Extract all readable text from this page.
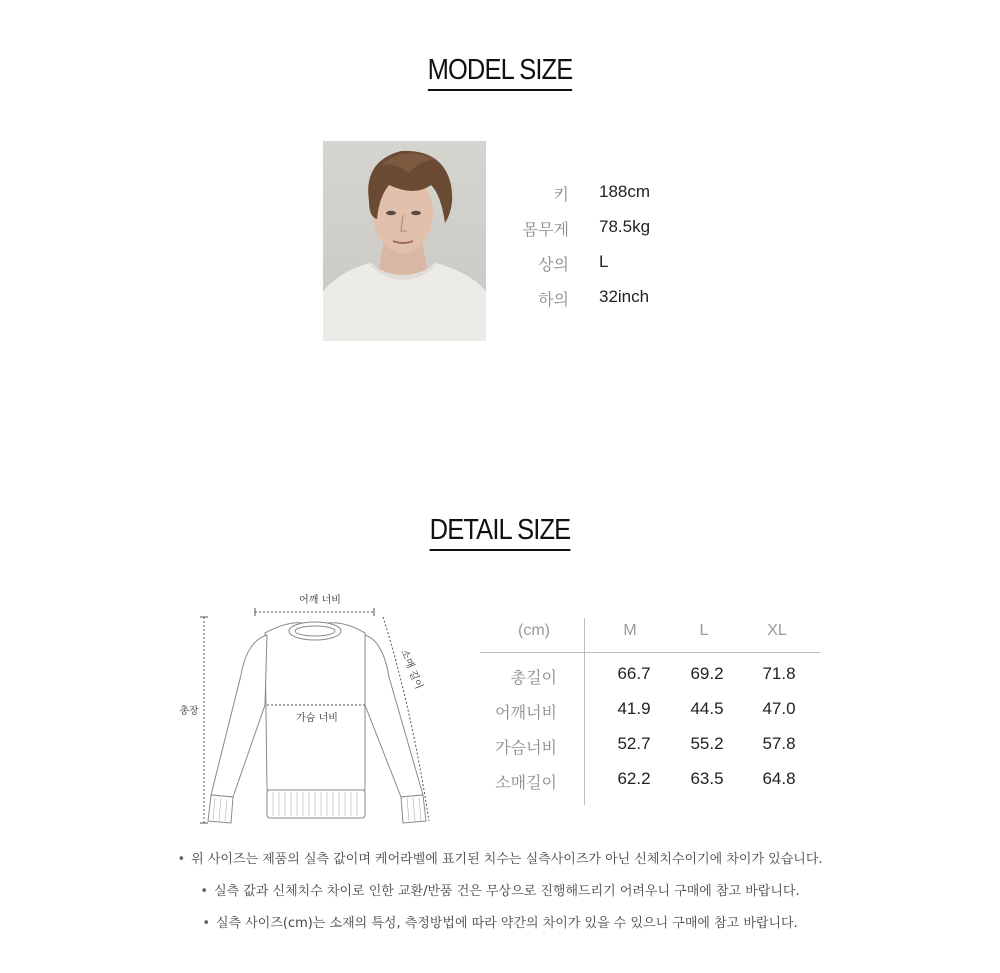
MODEL SIZE
키 188cm
몸무게 78.5kg
상의 L
하의 32inch
DETAIL SIZE
어깨 너비
총장
소매 길이
가슴 너비
(cm)	M	L	XL
총길이	66.7	69.2	71.8
어깨너비	41.9	44.5	47.0
가슴너비	52.7	55.2	57.8
소매길이	62.2	63.5	64.8
• 위 사이즈는 제품의 실측 값이며 케어라벨에 표기된 치수는 실측사이즈가 아닌 신체치수이기에 차이가 있습니다.
• 실측 값과 신체치수 차이로 인한 교환/반품 건은 무상으로 진행해드리기 어려우니 구매에 참고 바랍니다.
• 실측 사이즈(cm)는 소재의 특성, 측정방법에 따라 약간의 차이가 있을 수 있으니 구매에 참고 바랍니다.
